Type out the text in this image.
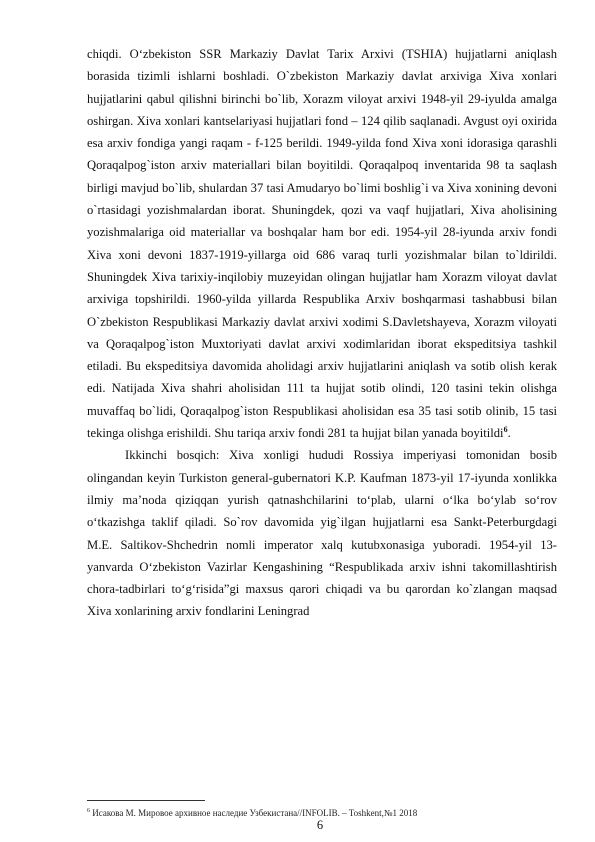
chiqdi. O‘zbekiston SSR Markaziy Davlat Tarix Arxivi (TSHIA) hujjatlarni aniqlash borasida tizimli ishlarni boshladi. O`zbekiston Markaziy davlat arxiviga Xiva xonlari hujjatlarini qabul qilishni birinchi bo`lib, Xorazm viloyat arxivi 1948-yil 29-iyulda amalga oshirgan. Xiva xonlari kantselariyasi hujjatlari fond – 124 qilib saqlanadi. Avgust oyi oxirida esa arxiv fondiga yangi raqam - f-125 berildi. 1949-yilda fond Xiva xoni idorasiga qarashli Qoraqalpog`iston arxiv materiallari bilan boyitildi. Qoraqalpoq inventarida 98 ta saqlash birligi mavjud bo`lib, shulardan 37 tasi Amudaryo bo`limi boshlig`i va Xiva xonining devoni o`rtasidagi yozishmalardan iborat. Shuningdek, qozi va vaqf hujjatlari, Xiva aholisining yozishmalariga oid materiallar va boshqalar ham bor edi. 1954-yil 28-iyunda arxiv fondi Xiva xoni devoni 1837-1919-yillarga oid 686 varaq turli yozishmalar bilan to`ldirildi. Shuningdek Xiva tarixiy-inqilobiy muzeyidan olingan hujjatlar ham Xorazm viloyat davlat arxiviga topshirildi. 1960-yilda yillarda Respublika Arxiv boshqarmasi tashabbusi bilan O`zbekiston Respublikasi Markaziy davlat arxivi xodimi S.Davletshayeva, Xorazm viloyati va Qoraqalpog`iston Muxtoriyati davlat arxivi xodimlaridan iborat ekspeditsiya tashkil etiladi. Bu ekspeditsiya davomida aholidagi arxiv hujjatlarini aniqlash va sotib olish kerak edi. Natijada Xiva shahri aholisidan 111 ta hujjat sotib olindi, 120 tasini tekin olishga muvaffaq bo`lidi, Qoraqalpog`iston Respublikasi aholisidan esa 35 tasi sotib olinib, 15 tasi tekinga olishga erishildi. Shu tariqa arxiv fondi 281 ta hujjat bilan yanada boyitildi$^6$.

Ikkinchi bosqich: Xiva xonligi hududi Rossiya imperiyasi tomonidan bosib olingandan keyin Turkiston general-gubernatori K.P. Kaufman 1873-yil 17-iyunda xonlikka ilmiy ma’noda qiziqqan yurish qatnashchilarini to‘plab, ularni o‘lka bo‘ylab so‘rov o‘tkazishga taklif qiladi. So`rov davomida yig`ilgan hujjatlarni esa Sankt-Peterburgdagi M.E. Saltikov-Shchedrin nomli imperator xalq kutubxonasiga yuboradi. 1954-yil 13-yanvarda O‘zbekiston Vazirlar Kengashining “Respublikada arxiv ishni takomillashtirish chora-tadbirlari to‘g‘risida”gi maxsus qarori chiqadi va bu qarordan ko`zlangan maqsad Xiva xonlarining arxiv fondlarini Leningrad

$^6$ Исакова М. Мировое архивное наследие Узбекистана//INFOLIB. – Toshkent,№1 2018
6
